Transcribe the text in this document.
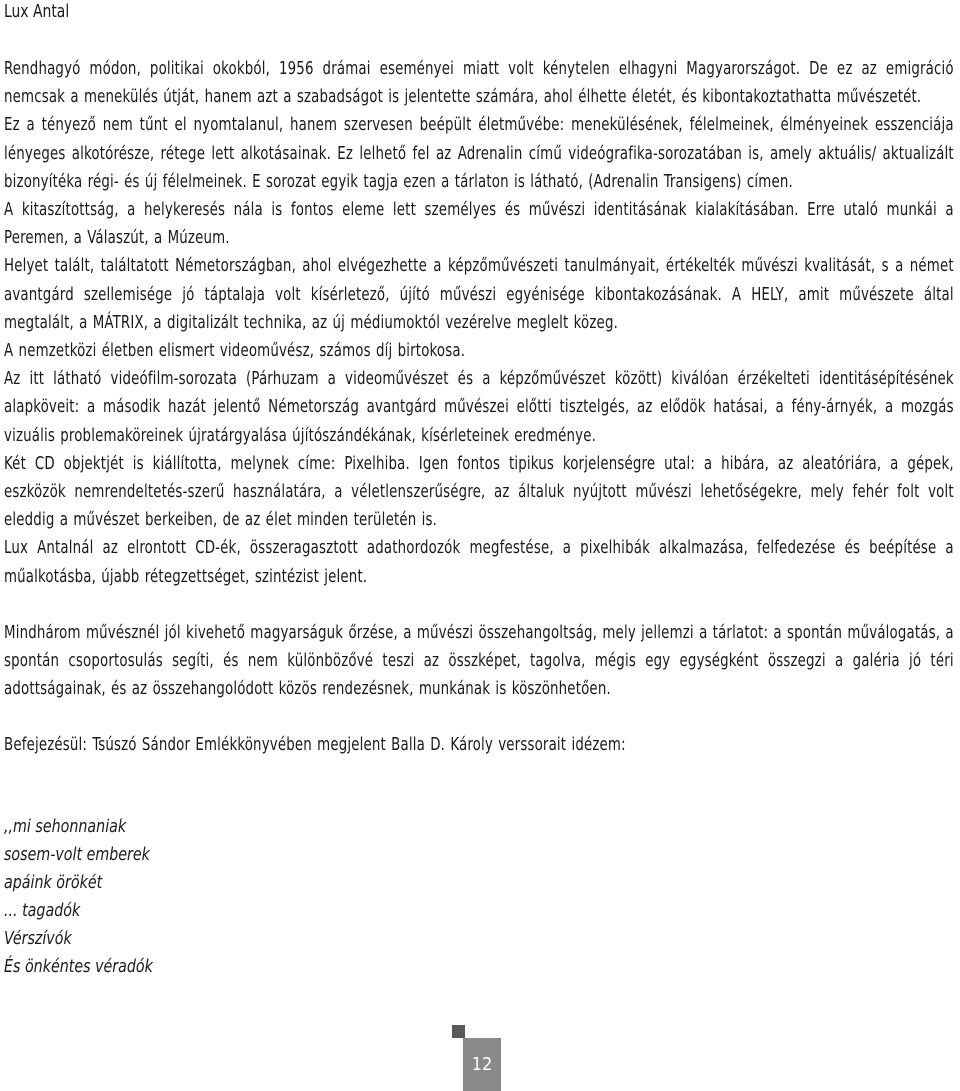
Lux Antal

Rendhagyó módon, politikai okokból, 1956 drámai eseményei miatt volt kénytelen elhagyni Magyarországot. De ez az emigráció nemcsak a menekülés útját, hanem azt a szabadságot is jelentette számára, ahol élhette életét, és kibontakoztathatta művészetét.

Ez a tényező nem tűnt el nyomtalanul, hanem szervesen beépült életművébe: menekülésének, félelmeinek, élményeinek esszenciája lényeges alkotórésze, rétege lett alkotásainak. Ez lelhető fel az Adrenalin című videógrafika-sorozatában is, amely aktuális/ aktualizált bizonyítéka régi- és új félelmeinek. E sorozat egyik tagja ezen a tárlaton is látható, (Adrenalin Transigens) címen.

A kitaszítottság, a helykeresés nála is fontos eleme lett személyes és művészi identitásának kialakításában. Erre utaló munkái a Peremen, a Válaszút, a Múzeum.

Helyet talált, találtatott Németországban, ahol elvégezhette a képzőművészeti tanulmányait, értékelték művészi kvalitását, s a német avantgárd szellemisége jó táptalaja volt kísérletező, újító művészi egyénisége kibontakozásának. A HELY, amit művészete által megtalált, a MÁTRIX, a digitalizált technika, az új médiumoktól vezérelve meglelt közeg.

A nemzetközi életben elismert videoművész, számos díj birtokosa.

Az itt látható videófilm-sorozata (Párhuzam a videoművészet és a képzőművészet között) kiválóan érzékelteti identitásépítésének alapköveit: a második hazát jelentő Németország avantgárd művészei előtti tisztelgés, az elődök hatásai, a fény-árnyék, a mozgás vizuális problemaköreinek újratárgyalása újítószándékának, kísérleteinek eredménye.

Két CD objektjét is kiállította, melynek címe: Pixelhiba. Igen fontos tipikus korjelenségre utal: a hibára, az aleatóriára, a gépek, eszközök nemrendeltetés-szerű használatára, a véletlenszerűségre, az általuk nyújtott művészi lehetőségekre, mely fehér folt volt eleddig a művészet berkeiben, de az élet minden területén is.

Lux Antalnál az elrontott CD-ék, összeragasztott adathordozók megfestése, a pixelhibák alkalmazása, felfedezése és beépítése a műalkotásba, újabb rétegzettséget, szintézist jelent.

Mindhárom művésznél jól kivehető magyarságuk őrzése, a művészi összehangoltság, mely jellemzi a tárlatot: a spontán műválogatás, a spontán csoportosulás segíti, és nem különbözővé teszi az összképet, tagolva, mégis egy egységként összegzi a galéria jó téri adottságainak, és az összehangolódott közös rendezésnek, munkának is köszönhetően.

Befejezésül: Tsúszó Sándor Emlékkönyvében megjelent Balla D. Károly verssorait idézem:

,,mi sehonnaniak
sosem-volt emberek
apáink örökét
... tagadók
Vérszívók
És önkéntes véradók
12
